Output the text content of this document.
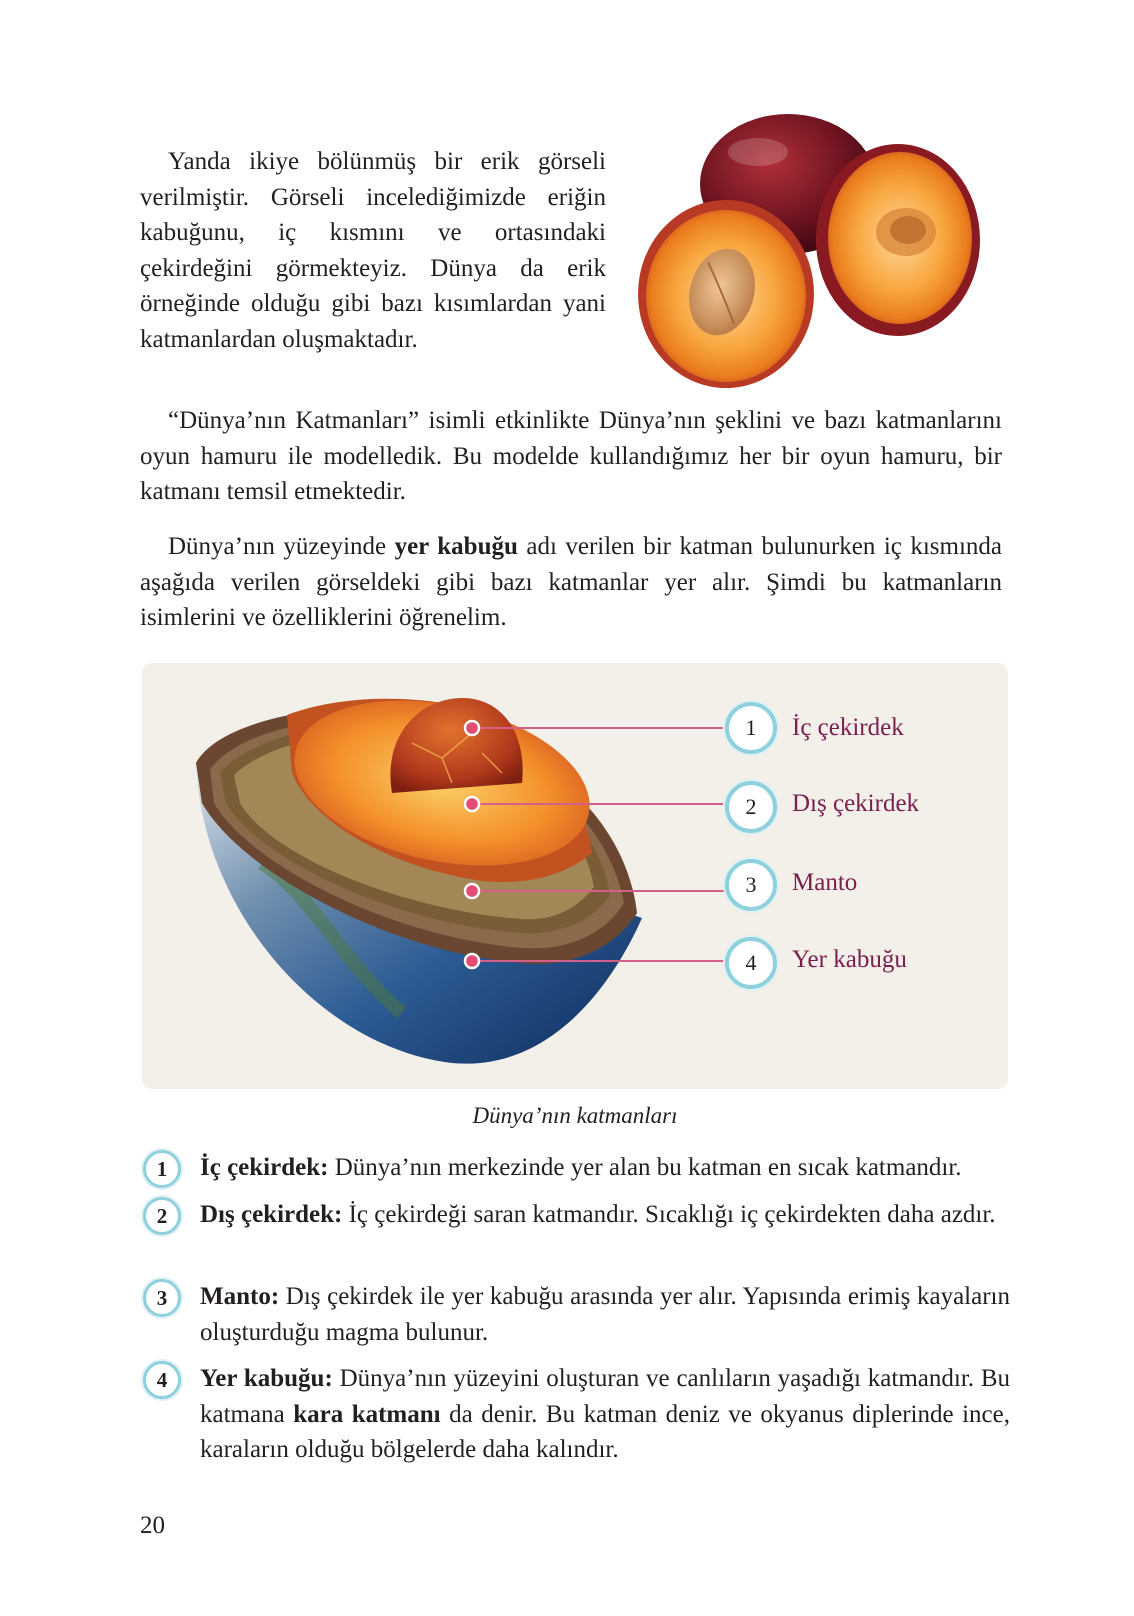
Yanda ikiye bölünmüş bir erik görseli verilmiştir. Görseli incelediğimizde eriğin kabuğunu, iç kısmını ve ortasındaki çekirdeğini görmekteyiz. Dünya da erik örneğinde olduğu gibi bazı kısımlardan yani katmanlardan oluşmaktadır.

“Dünya’nın Katmanları” isimli etkinlikte Dünya’nın şeklini ve bazı katmanlarını oyun hamuru ile modelledik. Bu modelde kullandığımız her bir oyun hamuru, bir katmanı temsil etmektedir.

Dünya’nın yüzeyinde yer kabuğu adı verilen bir katman bulunurken iç kısmında aşağıda verilen görseldeki gibi bazı katmanlar yer alır. Şimdi bu katmanların isimlerini ve özelliklerini öğrenelim.

1	İç çekirdek
2	Dış çekirdek
3	Manto
4	Yer kabuğu
Dünya’nın katmanları
1	İç çekirdek: Dünya’nın merkezinde yer alan bu katman en sıcak katmandır.

2	Dış çekirdek: İç çekirdeği saran katmandır. Sıcaklığı iç çekirdekten daha azdır.

3	Manto: Dış çekirdek ile yer kabuğu arasında yer alır. Yapısında erimiş kayaların oluşturduğu magma bulunur.

4	Yer kabuğu: Dünya’nın yüzeyini oluşturan ve canlıların yaşadığı katmandır. Bu katmana kara katmanı da denir. Bu katman deniz ve okyanus diplerinde ince, karaların olduğu bölgelerde daha kalındır.

20
